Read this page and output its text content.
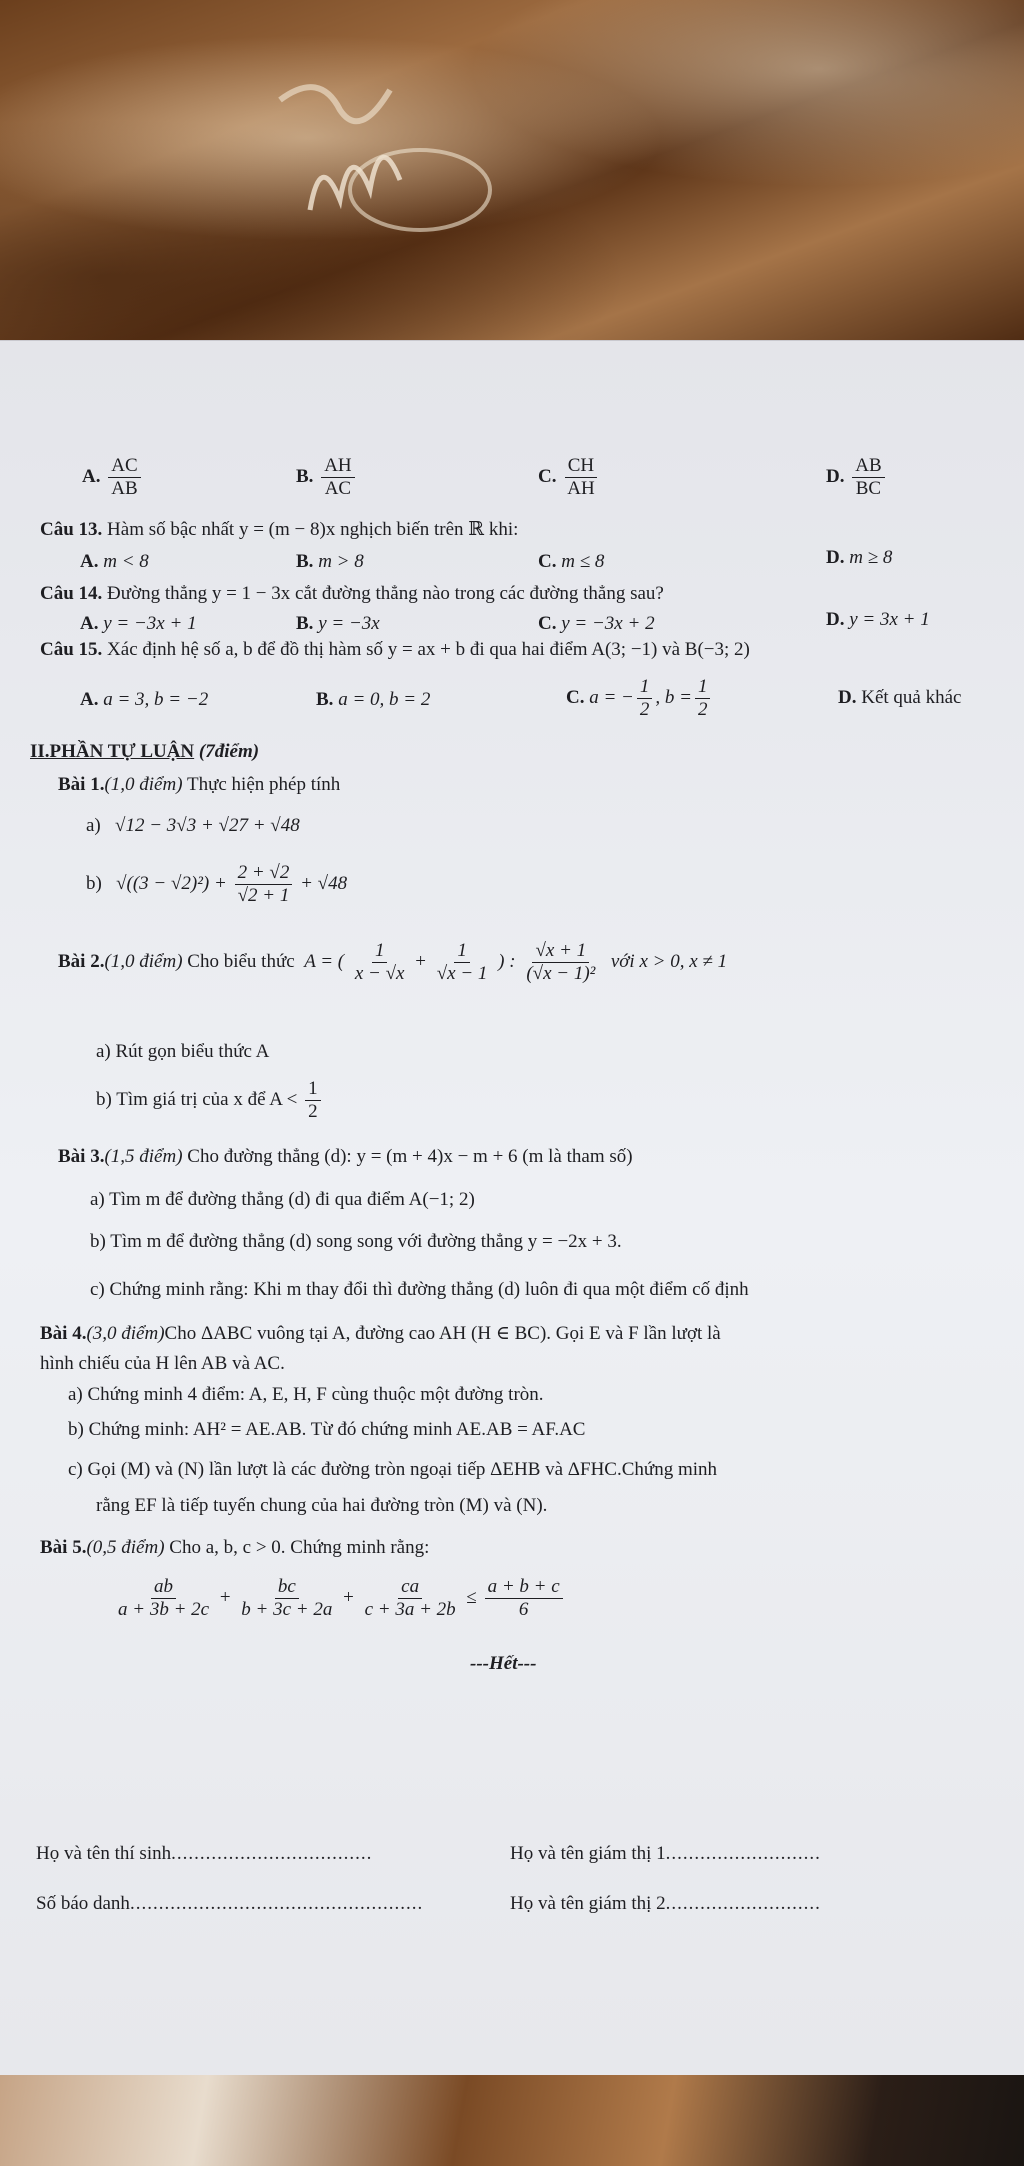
A. $\frac{AC}{AB}$	B. $\frac{AH}{AC}$	C. $\frac{CH}{AH}$	D. $\frac{AB}{BC}$
Câu 13. Hàm số bậc nhất y = (m − 8)x nghịch biến trên ℝ khi:
A. m < 8	B. m > 8	C. m ≤ 8	D. m ≥ 8
Câu 14. Đường thẳng y = 1 − 3x cắt đường thẳng nào trong các đường thẳng sau?
A. y = −3x + 1	B. y = −3x	C. y = −3x + 2	D. y = 3x + 1
Câu 15. Xác định hệ số a, b để đồ thị hàm số y = ax + b đi qua hai điểm A(3; −1) và B(−3; 2)
A. a = 3, b = −2	B. a = 0, b = 2	C. a = − $\frac{1}{2}$ , $b = \frac{1}{2}$	D. Kết quả khác
II.PHẦN TỰ LUẬN (7điểm)
Bài 1.(1,0 điểm) Thực hiện phép tính
a) √12 − 3√3 + √27 + √48
b) $√((3 - √2)^2) + \frac{2 + √2}{√2 + 1} + √48$
Bài 2.(1,0 điểm) Cho biểu thức A = ( $\frac{1}{x - √x} + \frac{1}{√x - 1}$ ) : $\frac{√x + 1}{\text{(√x − 1)²}}$ với x > 0, x ≠ 1
a) Rút gọn biểu thức A
b) Tìm giá trị của x để $A < \frac{1}{2}$
Bài 3.(1,5 điểm) Cho đường thẳng (d): y = (m + 4)x − m + 6 (m là tham số)
a) Tìm m để đường thẳng (d) đi qua điểm A(−1; 2)
b) Tìm m để đường thẳng (d) song song với đường thẳng y = −2x + 3.
c) Chứng minh rằng: Khi m thay đổi thì đường thẳng (d) luôn đi qua một điểm cố định
Bài 4.(3,0 điểm)Cho ΔABC vuông tại A, đường cao AH (H ∈ BC). Gọi E và F lần lượt là
hình chiếu của H lên AB và AC.
a) Chứng minh 4 điểm: A, E, H, F cùng thuộc một đường tròn.
b) Chứng minh: AH² = AE.AB. Từ đó chứng minh AE.AB = AF.AC
c) Gọi (M) và (N) lần lượt là các đường tròn ngoại tiếp ΔEHB và ΔFHC.Chứng minh
rằng EF là tiếp tuyến chung của hai đường tròn (M) và (N).
Bài 5.(0,5 điểm) Cho a, b, c > 0. Chứng minh rằng:
$\frac{ab}{a + 3b + 2c} + \frac{bc}{b + 3c + 2a} + \frac{ca}{c + 3a + 2b} \le \frac{a + b + c}{6}$
---Hết---
Họ và tên thí sinh...................................	Họ và tên giám thị 1...........................
Số báo danh...................................................	Họ và tên giám thị 2...........................
